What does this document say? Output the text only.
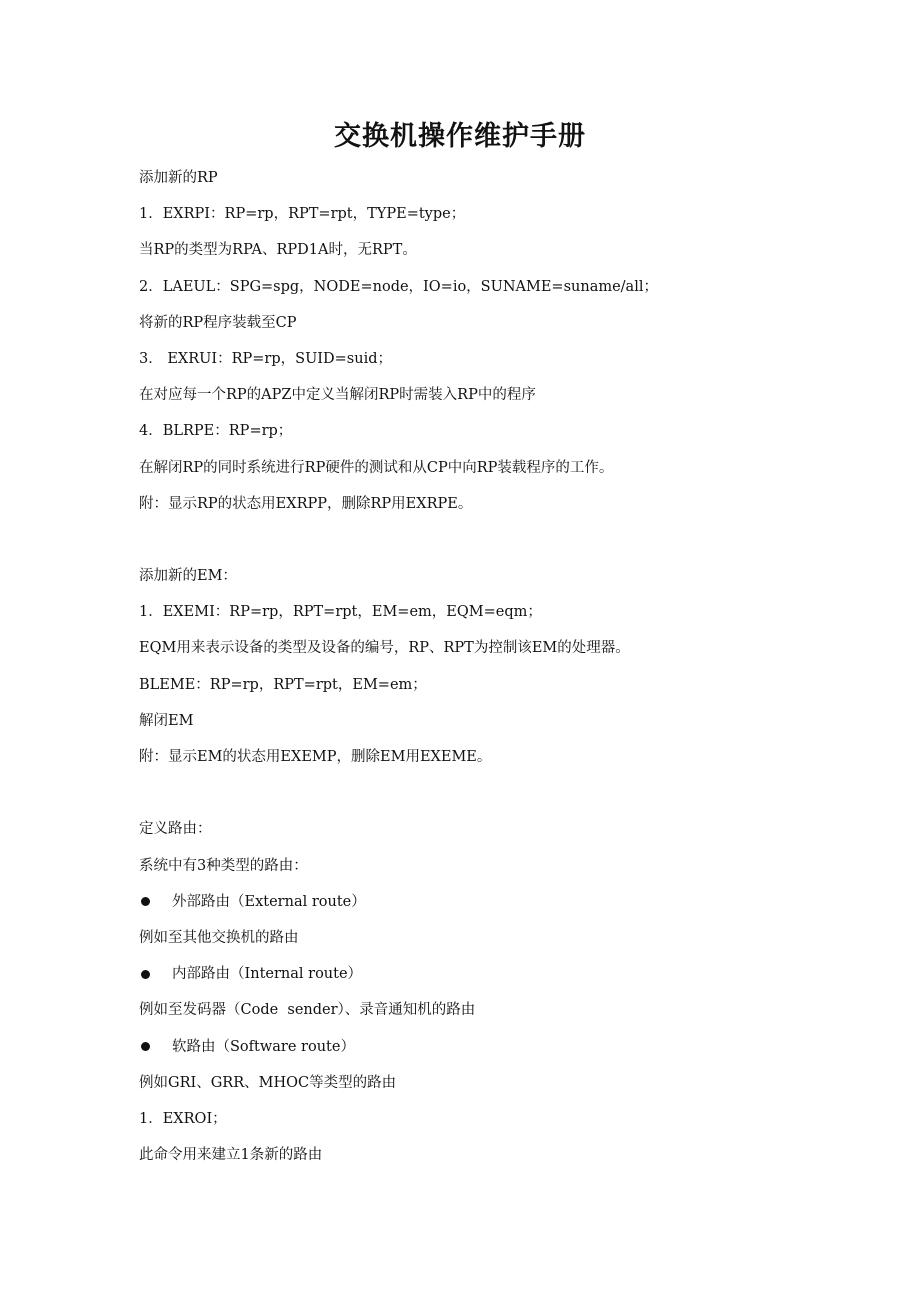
交换机操作维护手册
添加新的RP
1．EXRPI：RP=rp，RPT=rpt，TYPE=type；
当RP的类型为RPA、RPD1A时，无RPT。
2．LAEUL：SPG=spg，NODE=node，IO=io，SUNAME=suname/all；
将新的RP程序装载至CP
3． EXRUI：RP=rp，SUID=suid；
在对应每一个RP的APZ中定义当解闭RP时需装入RP中的程序
4．BLRPE：RP=rp；
在解闭RP的同时系统进行RP硬件的测试和从CP中向RP装载程序的工作。
附：显示RP的状态用EXRPP，删除RP用EXRPE。
添加新的EM：
1．EXEMI：RP=rp，RPT=rpt，EM=em，EQM=eqm；
EQM用来表示设备的类型及设备的编号，RP、RPT为控制该EM的处理器。
BLEME：RP=rp，RPT=rpt，EM=em；
解闭EM
附：显示EM的状态用EXEMP，删除EM用EXEME。
定义路由：
系统中有3种类型的路由：
外部路由（External route）
例如至其他交换机的路由
内部路由（Internal route）
例如至发码器（Code  sender）、录音通知机的路由
软路由（Software route）
例如GRI、GRR、MHOC等类型的路由
1．EXROI；
此命令用来建立1条新的路由
